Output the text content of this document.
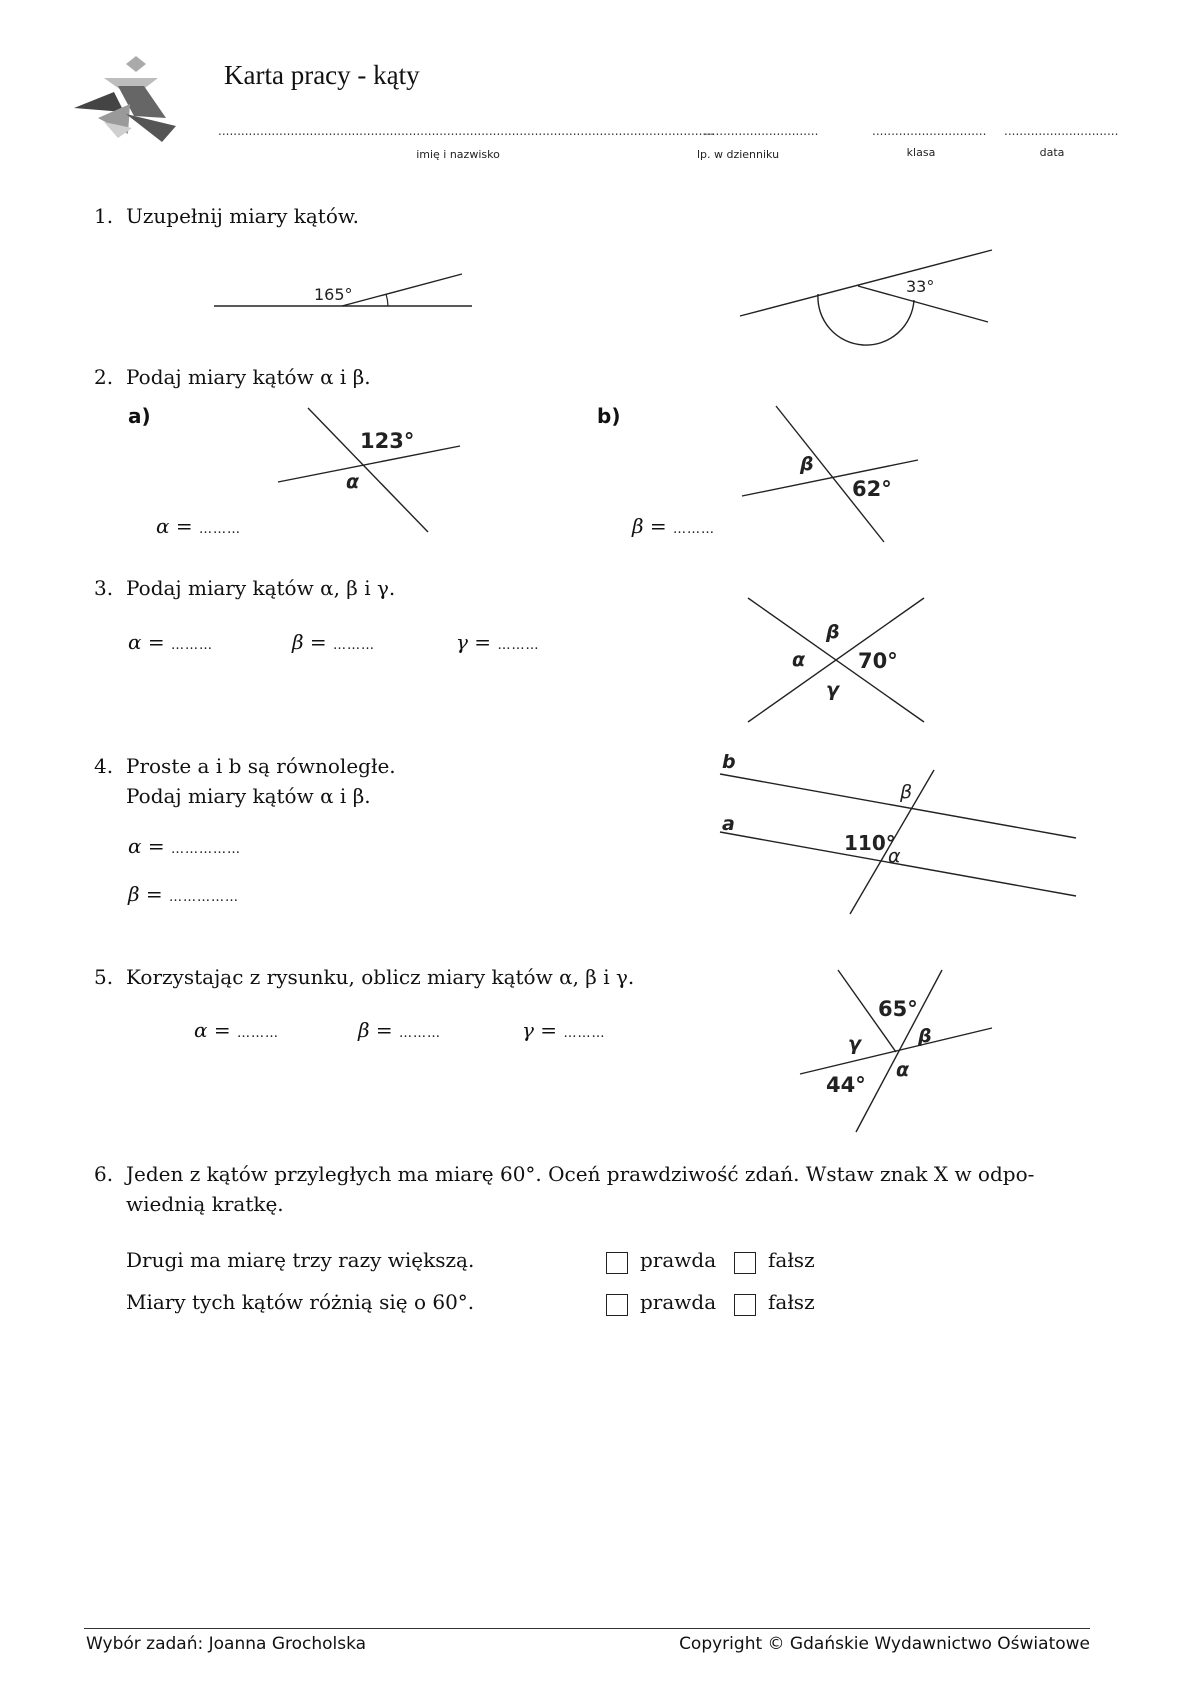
Karta pracy - kąty
..................................................................................................................................
imię i nazwisko
..............................
lp. w dzienniku
..............................
klasa
..............................
data
1. Uzupełnij miary kątów.
165°	33°
2. Podaj miary kątów α i β.
a)	b)
123°
α
β
62°
α = ………	β = ………
3. Podaj miary kątów α, β i γ.
α = ………	β = ………	γ = ………
β
α	70°
γ
4. Proste a i b są równoległe.
Podaj miary kątów α i β.
α = ……………
β = ……………
b
a
β
110°
α
5. Korzystając z rysunku, oblicz miary kątów α, β i γ.
α = ………	β = ………	γ = ………
65°
γ	β
α
44°
6. Jeden z kątów przyległych ma miarę 60°. Oceń prawdziwość zdań. Wstaw znak X w odpo-
wiednią kratkę.
Drugi ma miarę trzy razy większą.	prawda	fałsz
Miary tych kątów różnią się o 60°.	prawda	fałsz
Wybór zadań: Joanna Grocholska	Copyright © Gdańskie Wydawnictwo Oświatowe
